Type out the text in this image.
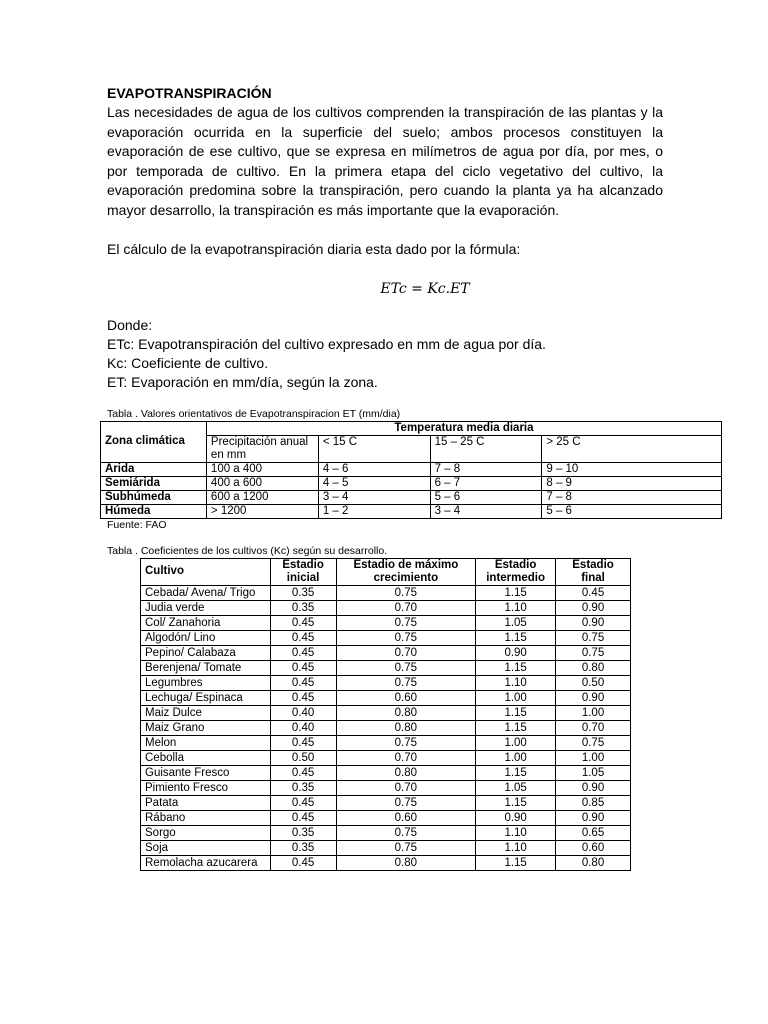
EVAPOTRANSPIRACIÓN

Las necesidades de agua de los cultivos comprenden la transpiración de las plantas y la evaporación ocurrida en la superficie del suelo; ambos procesos constituyen la evaporación de ese cultivo, que se expresa en milímetros de agua por día, por mes, o por temporada de cultivo. En la primera etapa del ciclo vegetativo del cultivo, la evaporación predomina sobre la transpiración, pero cuando la planta ya ha alcanzado mayor desarrollo, la transpiración es más importante que la evaporación.

El cálculo de la evapotranspiración diaria esta dado por la fórmula:

ETc = Kc.ET

Donde:

ETc: Evapotranspiración del cultivo expresado en mm de agua por día.

Kc: Coeficiente de cultivo.

ET: Evaporación en mm/día, según la zona.

Tabla . Valores orientativos de Evapotranspiracion ET (mm/dia)

	Temperatura media diaria			
Zona climática	Precipitación anual en mm	< 15 C	15 – 25 C	> 25 C
Arida	100 a 400	4 – 6	7 – 8	9 – 10
Semiárida	400 a 600	4 – 5	6 – 7	8 – 9
Subhúmeda	600 a 1200	3 – 4	5 – 6	7 – 8
Húmeda	> 1200	1 – 2	3 – 4	5 – 6

Fuente: FAO

Tabla . Coeficientes de los cultivos (Kc) según su desarrollo.

Cultivo	Estadio inicial	Estadio de máximo crecimiento	Estadio intermedio	Estadio final
Cebada/ Avena/ Trigo	0.35	0.75	1.15	0.45
Judia verde	0.35	0.70	1.10	0.90
Col/ Zanahoria	0.45	0.75	1.05	0.90
Algodón/ Lino	0.45	0.75	1.15	0.75
Pepino/ Calabaza	0.45	0.70	0.90	0.75
Berenjena/ Tomate	0.45	0.75	1.15	0.80
Legumbres	0.45	0.75	1.10	0.50
Lechuga/ Espinaca	0.45	0.60	1.00	0.90
Maiz Dulce	0.40	0.80	1.15	1.00
Maiz Grano	0.40	0.80	1.15	0.70
Melon	0.45	0.75	1.00	0.75
Cebolla	0.50	0.70	1.00	1.00
Guisante Fresco	0.45	0.80	1.15	1.05
Pimiento Fresco	0.35	0.70	1.05	0.90
Patata	0.45	0.75	1.15	0.85
Rábano	0.45	0.60	0.90	0.90
Sorgo	0.35	0.75	1.10	0.65
Soja	0.35	0.75	1.10	0.60
Remolacha azucarera	0.45	0.80	1.15	0.80
